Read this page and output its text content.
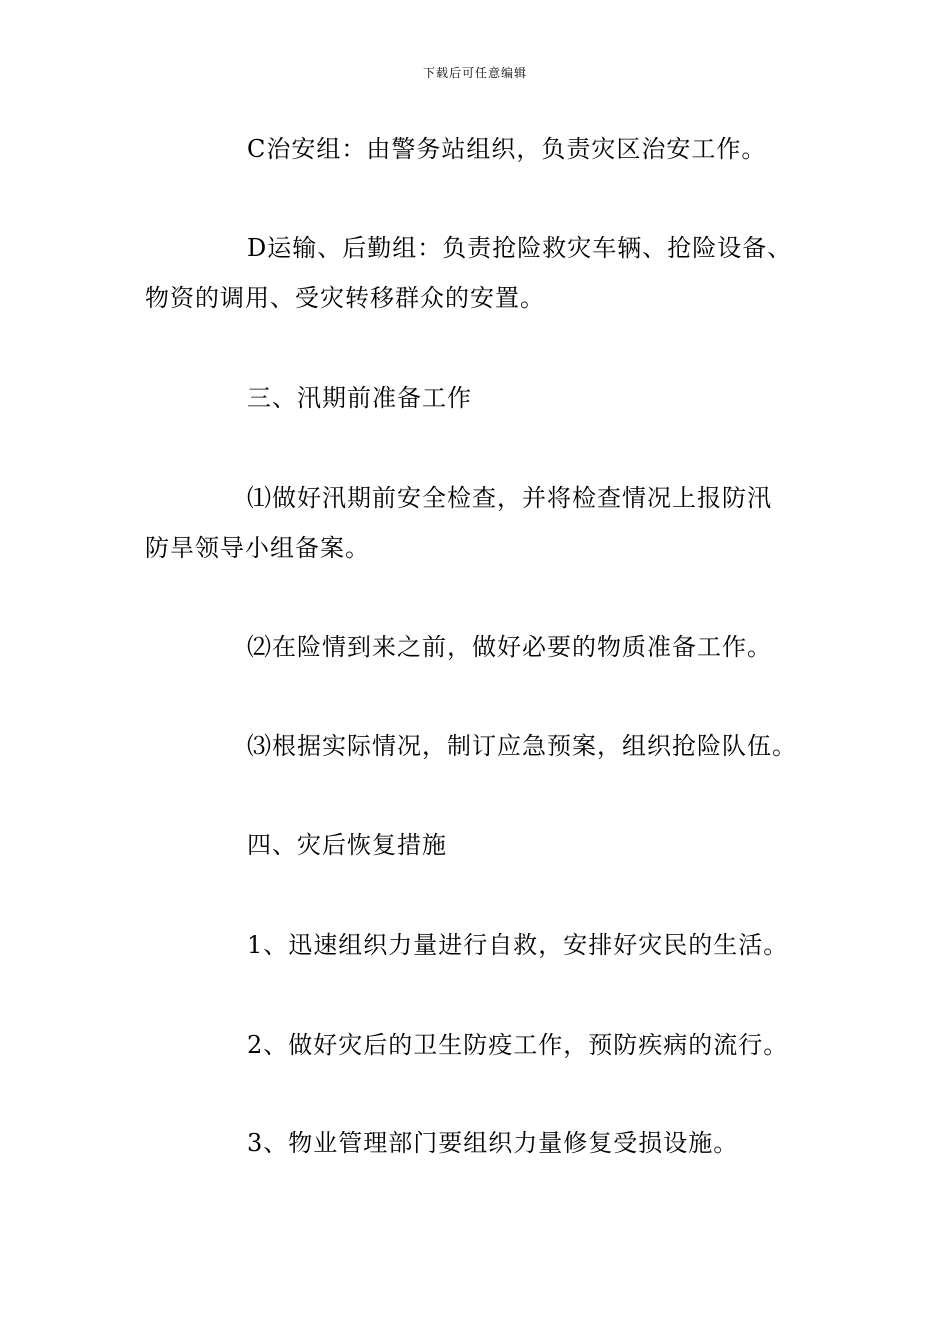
下载后可任意编辑
C治安组：由警务站组织，负责灾区治安工作。
D运输、后勤组：负责抢险救灾车辆、抢险设备、
物资的调用、受灾转移群众的安置。
三、汛期前准备工作
⑴做好汛期前安全检查，并将检查情况上报防汛
防旱领导小组备案。
⑵在险情到来之前，做好必要的物质准备工作。
⑶根据实际情况，制订应急预案，组织抢险队伍。
四、灾后恢复措施
1、迅速组织力量进行自救，安排好灾民的生活。
2、做好灾后的卫生防疫工作，预防疾病的流行。
3、物业管理部门要组织力量修复受损设施。
